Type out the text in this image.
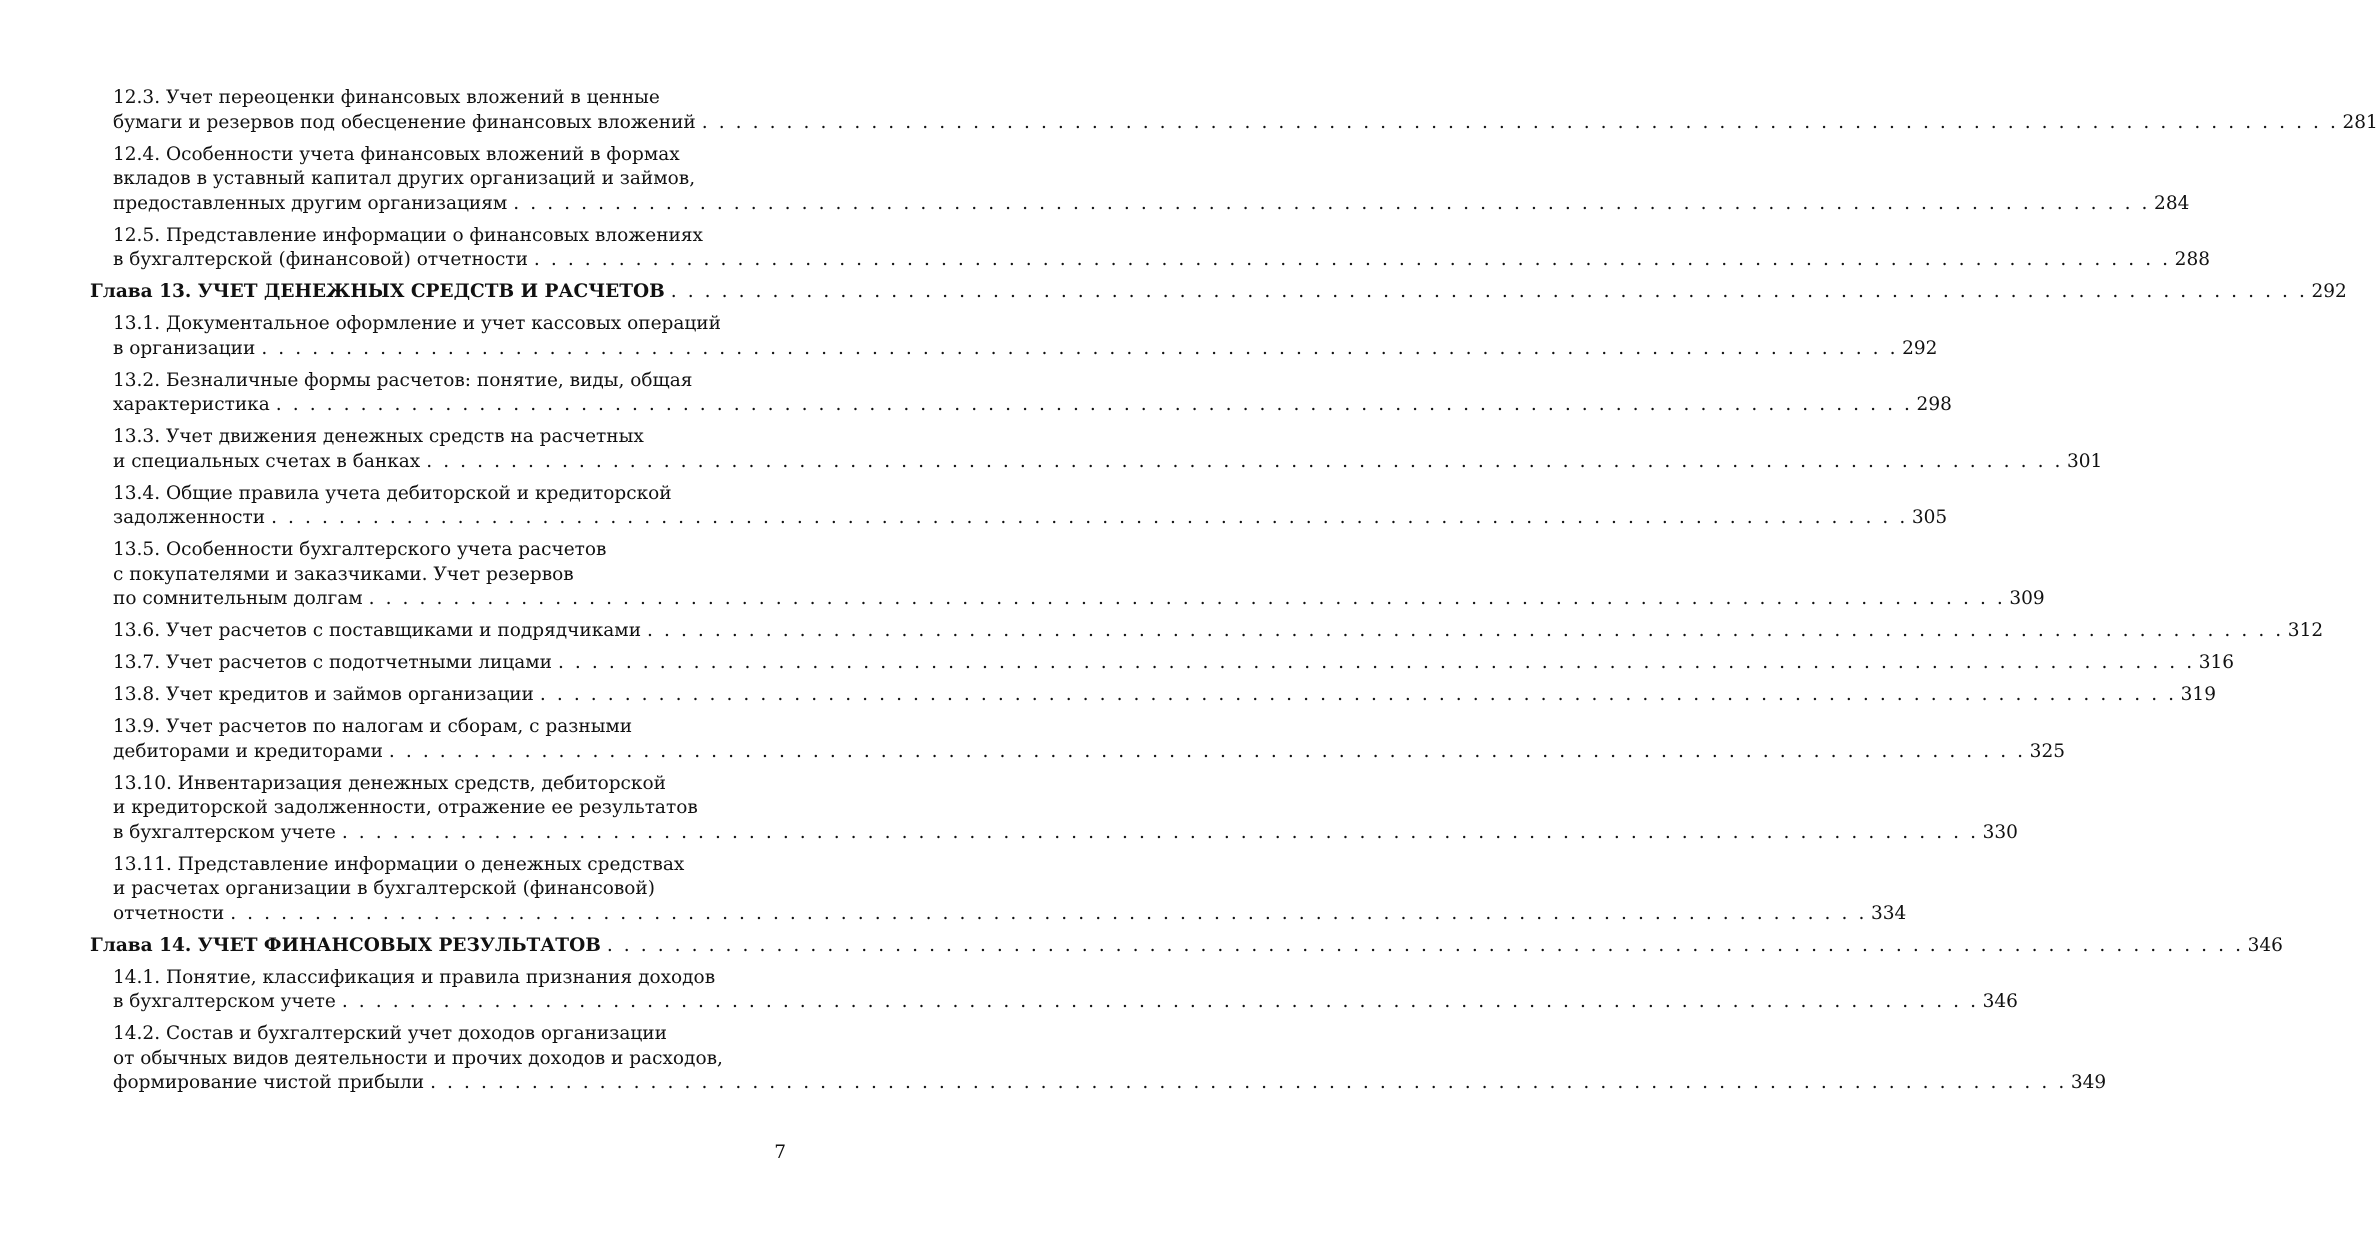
12.3. Учет переоценки финансовых вложений в ценные
бумаги и резервов под обесценение финансовых вложений . . . . . . . . . . . . . . . . . . . . . . . . . . . . . . . . . . . . . . . . . . . . . . . . . . . . . . . . . . . . . . . . . . . . . . . . . . . . . . . . . . . . . . . . . . . . . . . . . 281
12.4. Особенности учета финансовых вложений в формах
вкладов в уставный капитал других организаций и займов,
предоставленных другим организациям . . . . . . . . . . . . . . . . . . . . . . . . . . . . . . . . . . . . . . . . . . . . . . . . . . . . . . . . . . . . . . . . . . . . . . . . . . . . . . . . . . . . . . . . . . . . . . . . . 284
12.5. Представление информации о финансовых вложениях
в бухгалтерской (финансовой) отчетности . . . . . . . . . . . . . . . . . . . . . . . . . . . . . . . . . . . . . . . . . . . . . . . . . . . . . . . . . . . . . . . . . . . . . . . . . . . . . . . . . . . . . . . . . . . . . . . . . 288
Глава 13. УЧЕТ ДЕНЕЖНЫХ СРЕДСТВ И РАСЧЕТОВ . . . . . . . . . . . . . . . . . . . . . . . . . . . . . . . . . . . . . . . . . . . . . . . . . . . . . . . . . . . . . . . . . . . . . . . . . . . . . . . . . . . . . . . . . . . . . . . . . 292
13.1. Документальное оформление и учет кассовых операций
в организации . . . . . . . . . . . . . . . . . . . . . . . . . . . . . . . . . . . . . . . . . . . . . . . . . . . . . . . . . . . . . . . . . . . . . . . . . . . . . . . . . . . . . . . . . . . . . . . . . 292
13.2. Безналичные формы расчетов: понятие, виды, общая
характеристика . . . . . . . . . . . . . . . . . . . . . . . . . . . . . . . . . . . . . . . . . . . . . . . . . . . . . . . . . . . . . . . . . . . . . . . . . . . . . . . . . . . . . . . . . . . . . . . . . 298
13.3. Учет движения денежных средств на расчетных
и специальных счетах в банках . . . . . . . . . . . . . . . . . . . . . . . . . . . . . . . . . . . . . . . . . . . . . . . . . . . . . . . . . . . . . . . . . . . . . . . . . . . . . . . . . . . . . . . . . . . . . . . . . 301
13.4. Общие правила учета дебиторской и кредиторской
задолженности . . . . . . . . . . . . . . . . . . . . . . . . . . . . . . . . . . . . . . . . . . . . . . . . . . . . . . . . . . . . . . . . . . . . . . . . . . . . . . . . . . . . . . . . . . . . . . . . . 305
13.5. Особенности бухгалтерского учета расчетов
с покупателями и заказчиками. Учет резервов
по сомнительным долгам . . . . . . . . . . . . . . . . . . . . . . . . . . . . . . . . . . . . . . . . . . . . . . . . . . . . . . . . . . . . . . . . . . . . . . . . . . . . . . . . . . . . . . . . . . . . . . . . . 309
13.6. Учет расчетов с поставщиками и подрядчиками . . . . . . . . . . . . . . . . . . . . . . . . . . . . . . . . . . . . . . . . . . . . . . . . . . . . . . . . . . . . . . . . . . . . . . . . . . . . . . . . . . . . . . . . . . . . . . . . . 312
13.7. Учет расчетов с подотчетными лицами . . . . . . . . . . . . . . . . . . . . . . . . . . . . . . . . . . . . . . . . . . . . . . . . . . . . . . . . . . . . . . . . . . . . . . . . . . . . . . . . . . . . . . . . . . . . . . . . . 316
13.8. Учет кредитов и займов организации . . . . . . . . . . . . . . . . . . . . . . . . . . . . . . . . . . . . . . . . . . . . . . . . . . . . . . . . . . . . . . . . . . . . . . . . . . . . . . . . . . . . . . . . . . . . . . . . . 319
13.9. Учет расчетов по налогам и сборам, с разными
дебиторами и кредиторами . . . . . . . . . . . . . . . . . . . . . . . . . . . . . . . . . . . . . . . . . . . . . . . . . . . . . . . . . . . . . . . . . . . . . . . . . . . . . . . . . . . . . . . . . . . . . . . . . 325
13.10. Инвентаризация денежных средств, дебиторской
и кредиторской задолженности, отражение ее результатов
в бухгалтерском учете . . . . . . . . . . . . . . . . . . . . . . . . . . . . . . . . . . . . . . . . . . . . . . . . . . . . . . . . . . . . . . . . . . . . . . . . . . . . . . . . . . . . . . . . . . . . . . . . . 330
13.11. Представление информации о денежных средствах
и расчетах организации в бухгалтерской (финансовой)
отчетности . . . . . . . . . . . . . . . . . . . . . . . . . . . . . . . . . . . . . . . . . . . . . . . . . . . . . . . . . . . . . . . . . . . . . . . . . . . . . . . . . . . . . . . . . . . . . . . . . 334
Глава 14. УЧЕТ ФИНАНСОВЫХ РЕЗУЛЬТАТОВ . . . . . . . . . . . . . . . . . . . . . . . . . . . . . . . . . . . . . . . . . . . . . . . . . . . . . . . . . . . . . . . . . . . . . . . . . . . . . . . . . . . . . . . . . . . . . . . . . 346
14.1. Понятие, классификация и правила признания доходов
в бухгалтерском учете . . . . . . . . . . . . . . . . . . . . . . . . . . . . . . . . . . . . . . . . . . . . . . . . . . . . . . . . . . . . . . . . . . . . . . . . . . . . . . . . . . . . . . . . . . . . . . . . . 346
14.2. Состав и бухгалтерский учет доходов организации
от обычных видов деятельности и прочих доходов и расходов,
формирование чистой прибыли . . . . . . . . . . . . . . . . . . . . . . . . . . . . . . . . . . . . . . . . . . . . . . . . . . . . . . . . . . . . . . . . . . . . . . . . . . . . . . . . . . . . . . . . . . . . . . . . . 349
7
